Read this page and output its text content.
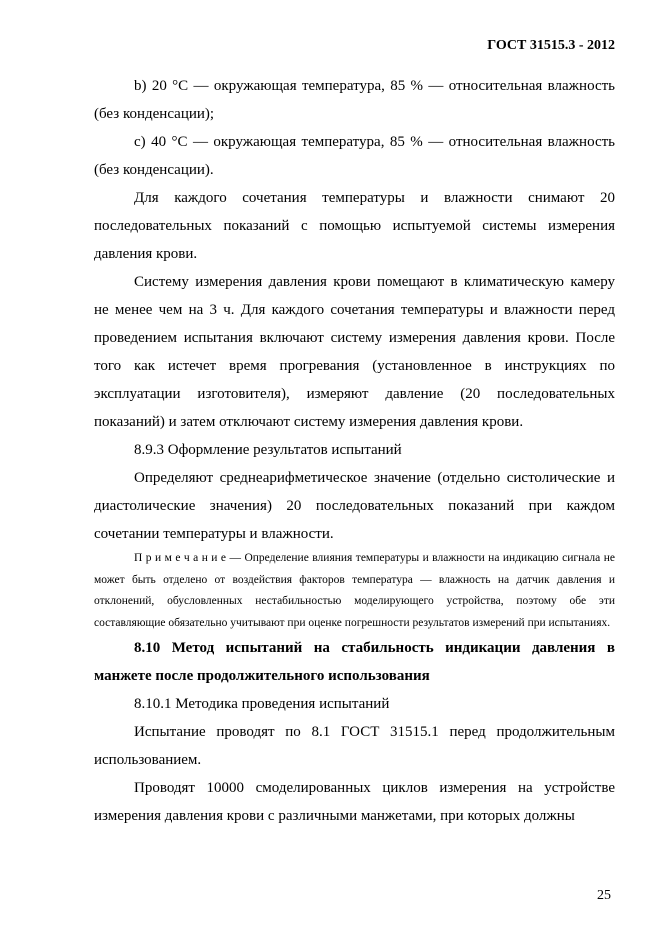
ГОСТ 31515.3 - 2012

b) 20 °C — окружающая температура, 85 % — относительная влажность (без конденсации);

c) 40 °C — окружающая температура, 85 % — относительная влажность (без конденсации).

Для каждого сочетания температуры и влажности снимают 20 последовательных показаний с помощью испытуемой системы измерения давления крови.

Систему измерения давления крови помещают в климатическую камеру не менее чем на 3 ч. Для каждого сочетания температуры и влажности перед проведением испытания включают систему измерения давления крови. После того как истечет время прогревания (установленное в инструкциях по эксплуатации изготовителя), измеряют давление (20 последовательных показаний) и затем отключают систему измерения давления крови.

8.9.3 Оформление результатов испытаний

Определяют среднеарифметическое значение (отдельно систолические и диастолические значения) 20 последовательных показаний при каждом сочетании температуры и влажности.

П р и м е ч а н и е — Определение влияния температуры и влажности на индикацию сигнала не может быть отделено от воздействия факторов температура — влажность на датчик давления и отклонений, обусловленных нестабильностью моделирующего устройства, поэтому обе эти составляющие обязательно учитывают при оценке погрешности результатов измерений при испытаниях.

8.10 Метод испытаний на стабильность индикации давления в манжете после продолжительного использования

8.10.1 Методика проведения испытаний

Испытание проводят по 8.1 ГОСТ 31515.1 перед продолжительным использованием.

Проводят 10000 смоделированных циклов измерения на устройстве измерения давления крови с различными манжетами, при которых должны

25
